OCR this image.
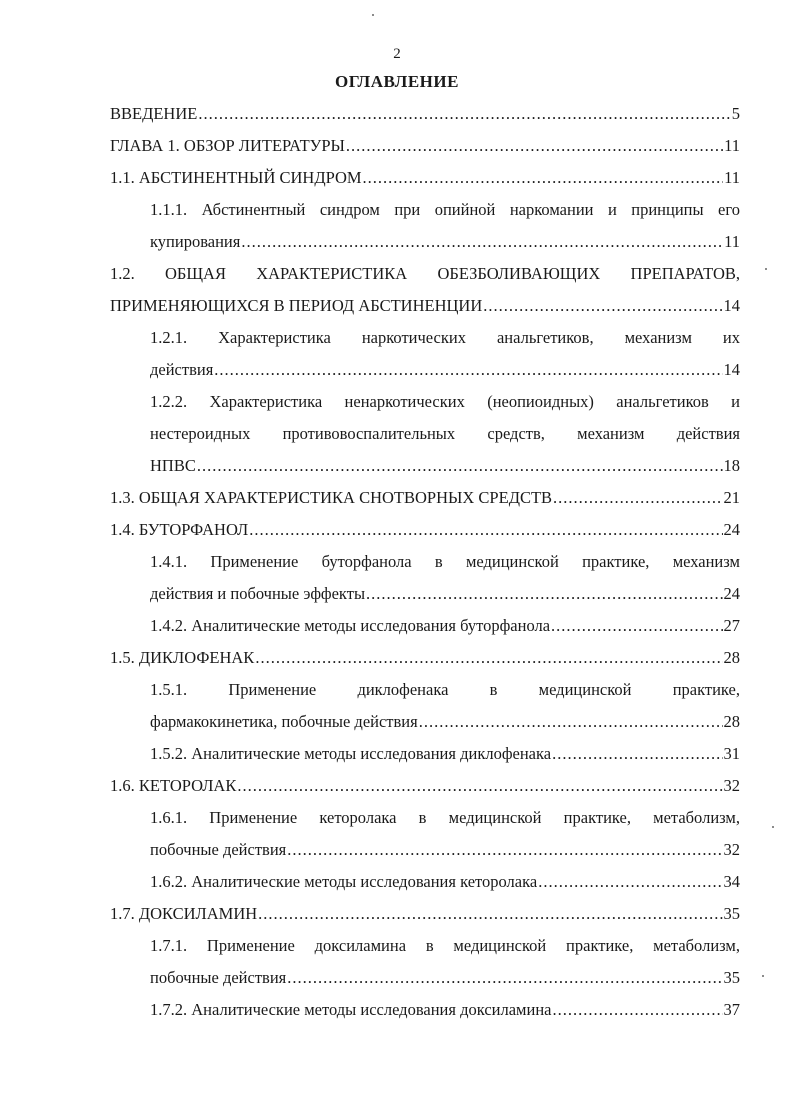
2
ОГЛАВЛЕНИЕ
ВВЕДЕНИЕ .....	5
ГЛАВА 1. ОБЗОР ЛИТЕРАТУРЫ .....	11
1.1. АБСТИНЕНТНЫЙ СИНДРОМ .....	11
1.1.1. Абстинентный синдром при опийной наркомании и принципы его
купирования .....	11
1.2. ОБЩАЯ ХАРАКТЕРИСТИКА ОБЕЗБОЛИВАЮЩИХ ПРЕПАРАТОВ,
ПРИМЕНЯЮЩИХСЯ В ПЕРИОД АБСТИНЕНЦИИ .....	14
1.2.1. Характеристика наркотических анальгетиков, механизм их
действия .....	14
1.2.2. Характеристика ненаркотических (неопиоидных) анальгетиков и
нестероидных противовоспалительных средств, механизм действия
НПВС .....	18
1.3. ОБЩАЯ ХАРАКТЕРИСТИКА СНОТВОРНЫХ СРЕДСТВ .....	21
1.4. БУТОРФАНОЛ .....	24
1.4.1. Применение буторфанола в медицинской практике, механизм
действия и побочные эффекты .....	24
1.4.2. Аналитические методы исследования буторфанола .....	27
1.5. ДИКЛОФЕНАК .....	28
1.5.1. Применение диклофенака в медицинской практике,
фармакокинетика, побочные действия .....	28
1.5.2. Аналитические методы исследования диклофенака .....	31
1.6. КЕТОРОЛАК .....	32
1.6.1. Применение кеторолака в медицинской практике, метаболизм,
побочные действия .....	32
1.6.2. Аналитические методы исследования кеторолака .....	34
1.7. ДОКСИЛАМИН .....	35
1.7.1. Применение доксиламина в медицинской практике, метаболизм,
побочные действия .....	35
1.7.2. Аналитические методы исследования доксиламина .....	37
